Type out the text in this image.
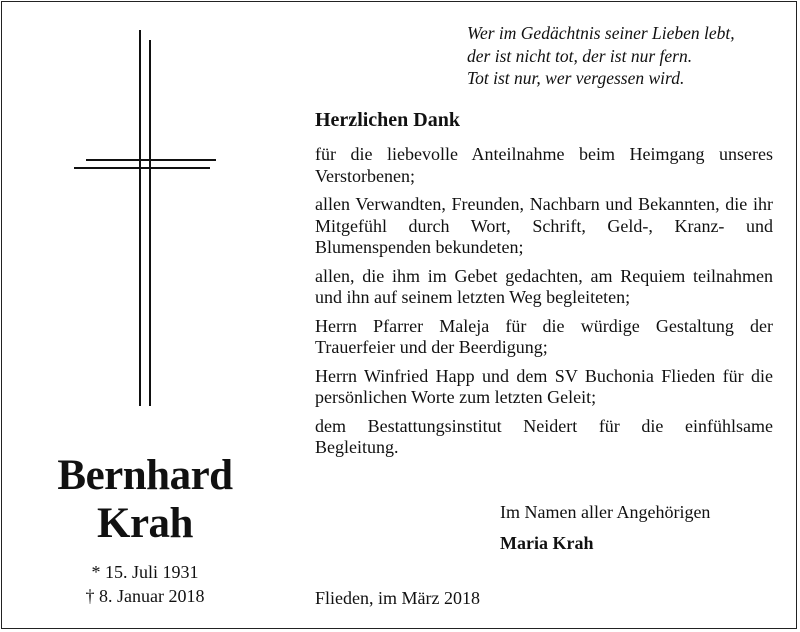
Wer im Gedächtnis seiner Lieben lebt,
der ist nicht tot, der ist nur fern.
Tot ist nur, wer vergessen wird.
Herzlichen Dank

für die liebevolle Anteilnahme beim Heimgang unseres Verstorbenen;

allen Verwandten, Freunden, Nachbarn und Bekannten, die ihr Mitgefühl durch Wort, Schrift, Geld-, Kranz- und Blumenspenden bekundeten;

allen, die ihm im Gebet gedachten, am Requiem teilnahmen und ihn auf seinem letzten Weg begleiteten;

Herrn Pfarrer Maleja für die würdige Gestaltung der Trauerfeier und der Beerdigung;

Herrn Winfried Happ und dem SV Buchonia Flieden für die persönlichen Worte zum letzten Geleit;

dem Bestattungsinstitut Neidert für die einfühlsame Begleitung.

Bernhard
Krah
* 15. Juli 1931
† 8. Januar 2018
Im Namen aller Angehörigen
Maria Krah
Flieden, im März 2018
